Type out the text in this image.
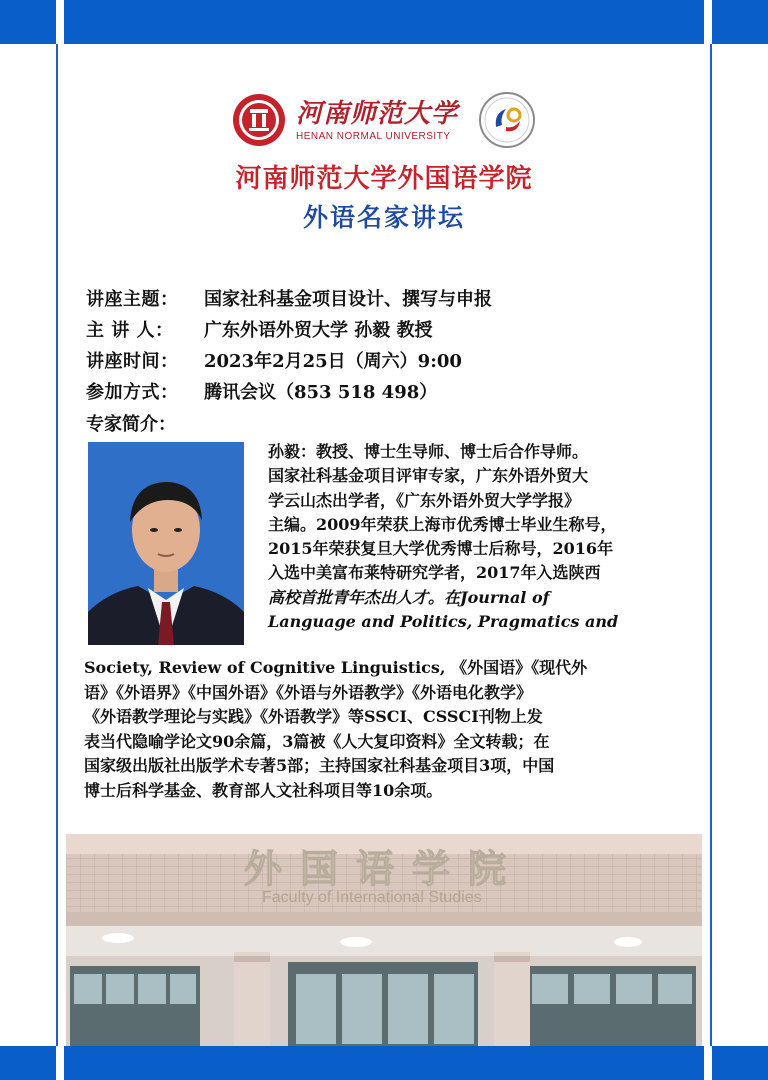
河南师范大学
HENAN NORMAL UNIVERSITY
河南师范大学外国语学院
外语名家讲坛
讲座主题：	国家社科基金项目设计、撰写与申报
主 讲 人：	广东外语外贸大学 孙毅 教授
讲座时间：	2023年2月25日（周六）9:00
参加方式：	腾讯会议（853 518 498）
专家简介：
孙毅：教授、博士生导师、博士后合作导师。
国家社科基金项目评审专家，广东外语外贸大
学云山杰出学者，《广东外语外贸大学学报》
主编。2009年荣获上海市优秀博士毕业生称号，
2015年荣获复旦大学优秀博士后称号，2016年
入选中美富布莱特研究学者，2017年入选陕西
高校首批青年杰出人才。在Journal of
Language and Politics, Pragmatics and
Society, Review of Cognitive Linguistics, 《外国语》《现代外
语》《外语界》《中国外语》《外语与外语教学》《外语电化教学》
《外语教学理论与实践》《外语教学》等SSCI、CSSCI刊物上发
表当代隐喻学论文90余篇，3篇被《人大复印资料》全文转载；在
国家级出版社出版学术专著5部；主持国家社科基金项目3项，中国
博士后科学基金、教育部人文社科项目等10余项。
外国语学院
Faculty of International Studies
